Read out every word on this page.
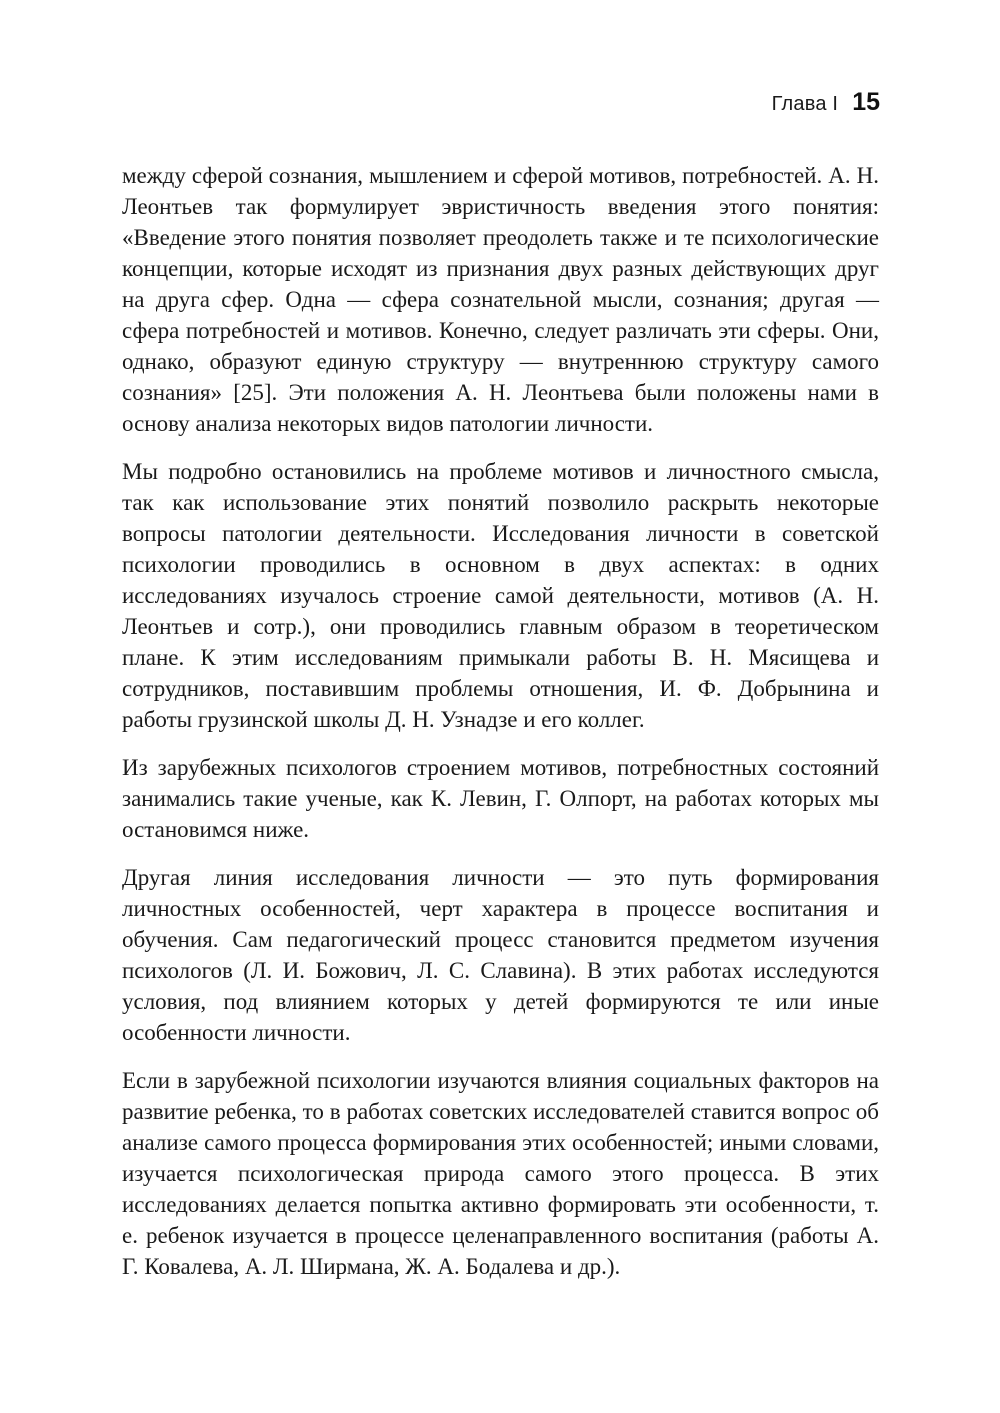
Глава I 15

между сферой сознания, мышлением и сферой мотивов, потребностей. А. Н. Леонтьев так формулирует эвристичность введения этого понятия: «Введение этого понятия позволяет преодолеть также и те психологические концепции, которые исходят из признания двух разных действующих друг на друга сфер. Одна — сфера сознательной мысли, сознания; другая — сфера потребностей и мотивов. Конечно, следует различать эти сферы. Они, однако, образуют единую структуру — внутреннюю структуру самого сознания» [25]. Эти положения А. Н. Леонтьева были положены нами в основу анализа некоторых видов патологии личности.

Мы подробно остановились на проблеме мотивов и личностного смысла, так как использование этих понятий позволило раскрыть некоторые вопросы патологии деятельности. Исследования личности в советской психологии проводились в основном в двух аспектах: в одних исследованиях изучалось строение самой деятельности, мотивов (А. Н. Леонтьев и сотр.), они проводились главным образом в теоретическом плане. К этим исследованиям примыкали работы В. Н. Мясищева и сотрудников, поставившим проблемы отношения, И. Ф. Добрынина и работы грузинской школы Д. Н. Узнадзе и его коллег.

Из зарубежных психологов строением мотивов, потребностных состояний занимались такие ученые, как К. Левин, Г. Олпорт, на работах которых мы остановимся ниже.

Другая линия исследования личности — это путь формирования личностных особенностей, черт характера в процессе воспитания и обучения. Сам педагогический процесс становится предметом изучения психологов (Л. И. Божович, Л. С. Славина). В этих работах исследуются условия, под влиянием которых у детей формируются те или иные особенности личности.

Если в зарубежной психологии изучаются влияния социальных факторов на развитие ребенка, то в работах советских исследователей ставится вопрос об анализе самого процесса формирования этих особенностей; иными словами, изучается психологическая природа самого этого процесса. В этих исследованиях делается попытка активно формировать эти особенности, т. е. ребенок изучается в процессе целенаправленного воспитания (работы А. Г. Ковалева, А. Л. Ширмана, Ж. А. Бодалева и др.).
